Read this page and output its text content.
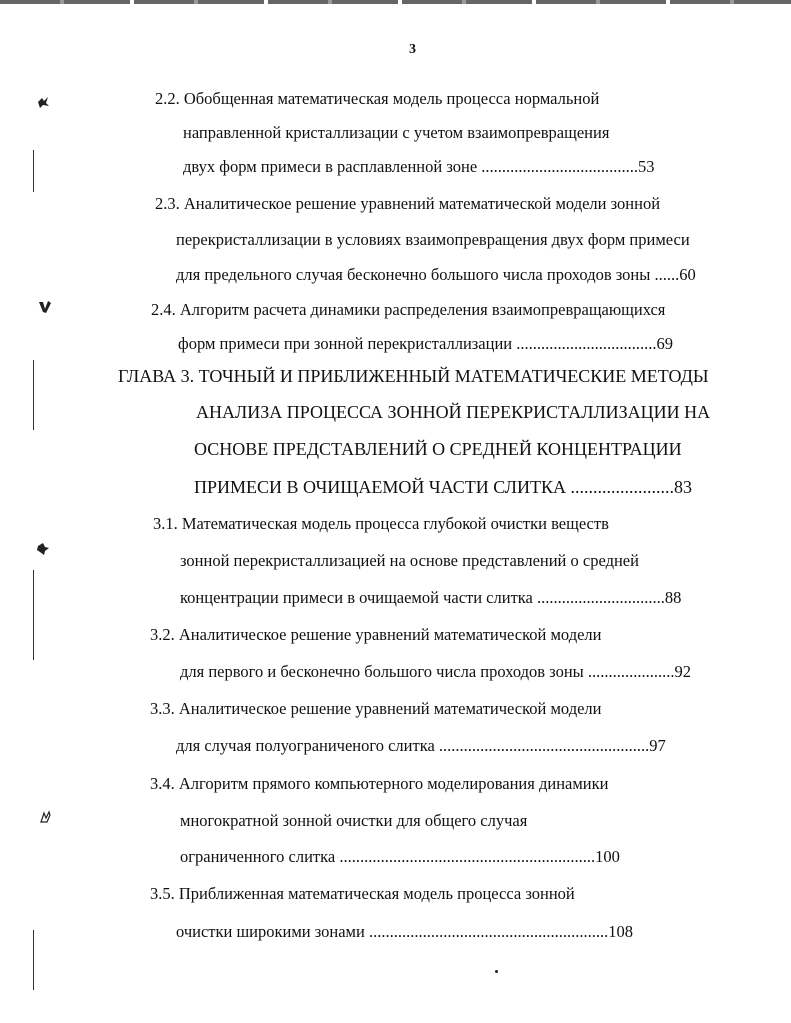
3
2.2. Обобщенная математическая модель процесса нормальной
направленной кристаллизации с учетом взаимопревращения
двух форм примеси в расплавленной зоне ......................................53
2.3. Аналитическое решение уравнений математической модели зонной
перекристаллизации в условиях взаимопревращения двух форм примеси
для предельного случая бесконечно большого числа проходов зоны ......60
2.4. Алгоритм расчета динамики распределения взаимопревращающихся
форм примеси при зонной перекристаллизации ..................................69
ГЛАВА 3. ТОЧНЫЙ И ПРИБЛИЖЕННЫЙ МАТЕМАТИЧЕСКИЕ МЕТОДЫ
АНАЛИЗА ПРОЦЕССА ЗОННОЙ ПЕРЕКРИСТАЛЛИЗАЦИИ НА
ОСНОВЕ ПРЕДСТАВЛЕНИЙ О СРЕДНЕЙ КОНЦЕНТРАЦИИ
ПРИМЕСИ В ОЧИЩАЕМОЙ ЧАСТИ СЛИТКА .......................83
3.1. Математическая модель процесса глубокой очистки веществ
зонной перекристаллизацией на основе представлений о средней
концентрации примеси в очищаемой части слитка ...............................88
3.2. Аналитическое решение уравнений математической модели
для первого и бесконечно большого числа проходов зоны .....................92
3.3. Аналитическое решение уравнений математической модели
для случая полуограниченого слитка ...................................................97
3.4. Алгоритм прямого компьютерного моделирования динамики
многократной зонной очистки для общего случая
ограниченного слитка ..............................................................100
3.5. Приближенная математическая модель процесса зонной
очистки широкими зонами ..........................................................108
